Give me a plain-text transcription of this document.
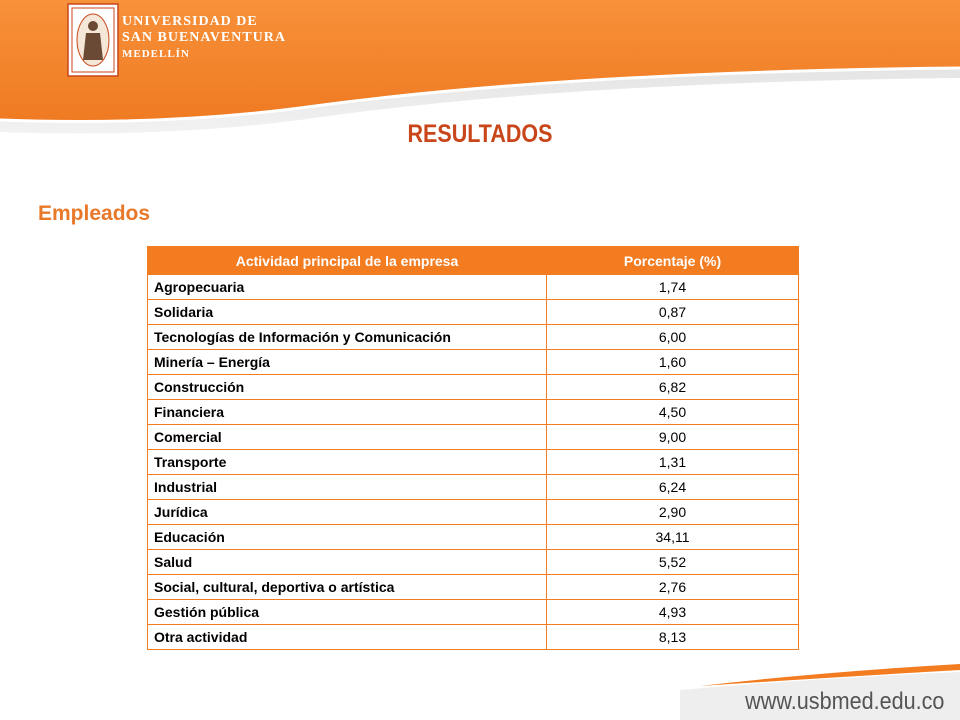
UNIVERSIDAD DE
SAN BUENAVENTURA
MEDELLÍN
RESULTADOS
Empleados
Actividad principal de la empresa	Porcentaje (%)
Agropecuaria	1,74
Solidaria	0,87
Tecnologías de Información y Comunicación	6,00
Minería – Energía	1,60
Construcción	6,82
Financiera	4,50
Comercial	9,00
Transporte	1,31
Industrial	6,24
Jurídica	2,90
Educación	34,11
Salud	5,52
Social, cultural, deportiva o artística	2,76
Gestión pública	4,93
Otra actividad	8,13
www.usbmed.edu.co
